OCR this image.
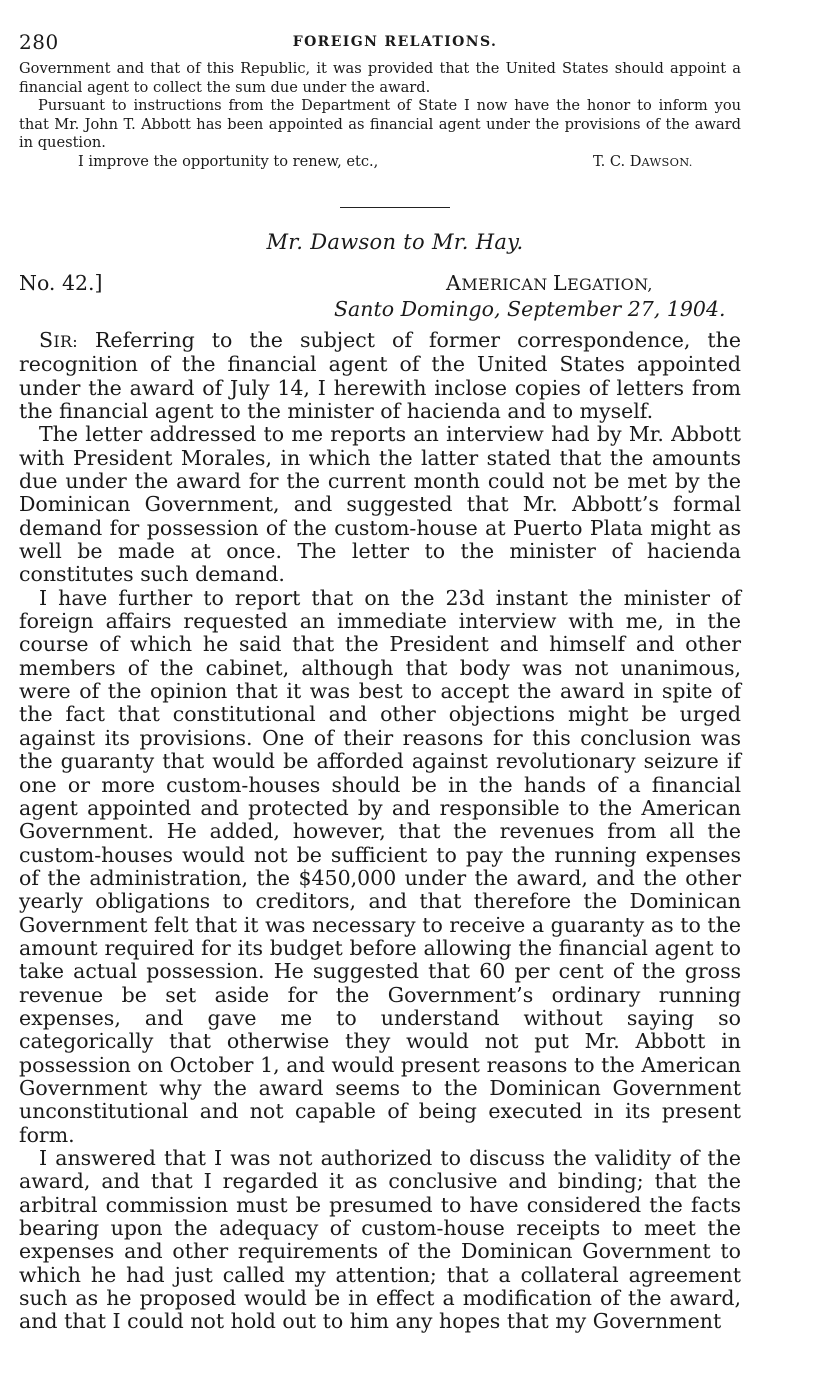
280	FOREIGN RELATIONS.

Government and that of this Republic, it was provided that the United States should appoint a financial agent to collect the sum due under the award.

Pursuant to instructions from the Department of State I now have the honor to inform you that Mr. John T. Abbott has been appointed as financial agent under the provisions of the award in question.

I improve the opportunity to renew, etc.,	T. C. DAWSON.
Mr. Dawson to Mr. Hay.
No. 42.]	AMERICAN LEGATION,
Santo Domingo, September 27, 1904.

SIR: Referring to the subject of former correspondence, the recognition of the financial agent of the United States appointed under the award of July 14, I herewith inclose copies of letters from the financial agent to the minister of hacienda and to myself.

The letter addressed to me reports an interview had by Mr. Abbott with President Morales, in which the latter stated that the amounts due under the award for the current month could not be met by the Dominican Government, and suggested that Mr. Abbott’s formal demand for possession of the custom-house at Puerto Plata might as well be made at once. The letter to the minister of hacienda constitutes such demand.

I have further to report that on the 23d instant the minister of foreign affairs requested an immediate interview with me, in the course of which he said that the President and himself and other members of the cabinet, although that body was not unanimous, were of the opinion that it was best to accept the award in spite of the fact that constitutional and other objections might be urged against its provisions. One of their reasons for this conclusion was the guaranty that would be afforded against revolutionary seizure if one or more custom-houses should be in the hands of a financial agent appointed and protected by and responsible to the American Government. He added, however, that the revenues from all the custom-houses would not be sufficient to pay the running expenses of the administration, the $450,000 under the award, and the other yearly obligations to creditors, and that therefore the Dominican Government felt that it was necessary to receive a guaranty as to the amount required for its budget before allowing the financial agent to take actual possession. He suggested that 60 per cent of the gross revenue be set aside for the Government’s ordinary running expenses, and gave me to understand without saying so categorically that otherwise they would not put Mr. Abbott in possession on October 1, and would present reasons to the American Government why the award seems to the Dominican Government unconstitutional and not capable of being executed in its present form.

I answered that I was not authorized to discuss the validity of the award, and that I regarded it as conclusive and binding; that the arbitral commission must be presumed to have considered the facts bearing upon the adequacy of custom-house receipts to meet the expenses and other requirements of the Dominican Government to which he had just called my attention; that a collateral agreement such as he proposed would be in effect a modification of the award, and that I could not hold out to him any hopes that my Government
